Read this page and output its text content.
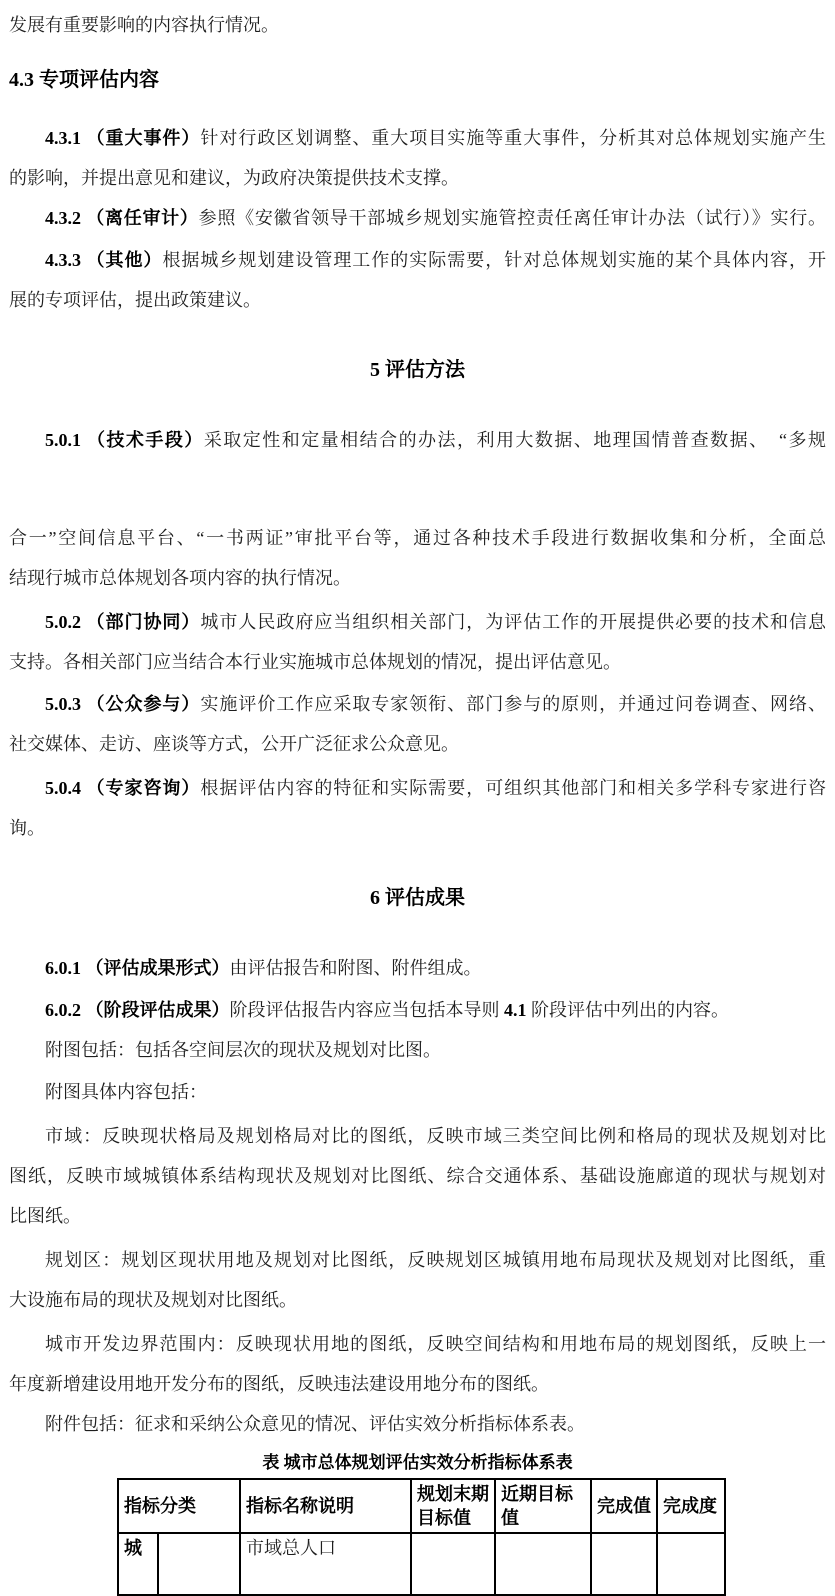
发展有重要影响的内容执行情况。
4.3 专项评估内容
4.3.1 （重大事件）针对行政区划调整、重大项目实施等重大事件，分析其对总体规划实施产生
的影响，并提出意见和建议，为政府决策提供技术支撑。
4.3.2 （离任审计）参照《安徽省领导干部城乡规划实施管控责任离任审计办法（试行）》实行。
4.3.3 （其他）根据城乡规划建设管理工作的实际需要，针对总体规划实施的某个具体内容，开
展的专项评估，提出政策建议。
5 评估方法
5.0.1 （技术手段）采取定性和定量相结合的办法，利用大数据、地理国情普查数据、　“多规
合一”空间信息平台、“一书两证”审批平台等，通过各种技术手段进行数据收集和分析，全面总
结现行城市总体规划各项内容的执行情况。
5.0.2 （部门协同）城市人民政府应当组织相关部门，为评估工作的开展提供必要的技术和信息
支持。各相关部门应当结合本行业实施城市总体规划的情况，提出评估意见。
5.0.3 （公众参与）实施评价工作应采取专家领衔、部门参与的原则，并通过问卷调查、网络、
社交媒体、走访、座谈等方式，公开广泛征求公众意见。
5.0.4 （专家咨询）根据评估内容的特征和实际需要，可组织其他部门和相关多学科专家进行咨
询。
6 评估成果
6.0.1 （评估成果形式）由评估报告和附图、附件组成。
6.0.2 （阶段评估成果）阶段评估报告内容应当包括本导则 4.1 阶段评估中列出的内容。
附图包括：包括各空间层次的现状及规划对比图。
附图具体内容包括：
市域：反映现状格局及规划格局对比的图纸，反映市域三类空间比例和格局的现状及规划对比
图纸，反映市域城镇体系结构现状及规划对比图纸、综合交通体系、基础设施廊道的现状与规划对
比图纸。
规划区：规划区现状用地及规划对比图纸，反映规划区城镇用地布局现状及规划对比图纸，重
大设施布局的现状及规划对比图纸。
城市开发边界范围内：反映现状用地的图纸，反映空间结构和用地布局的规划图纸，反映上一
年度新增建设用地开发分布的图纸，反映违法建设用地分布的图纸。
附件包括：征求和采纳公众意见的情况、评估实效分析指标体系表。
表 城市总体规划评估实效分析指标体系表
指标分类		指标名称说明	规划末期目标值	近期目标值	完成值	完成度
城		市域总人口				
